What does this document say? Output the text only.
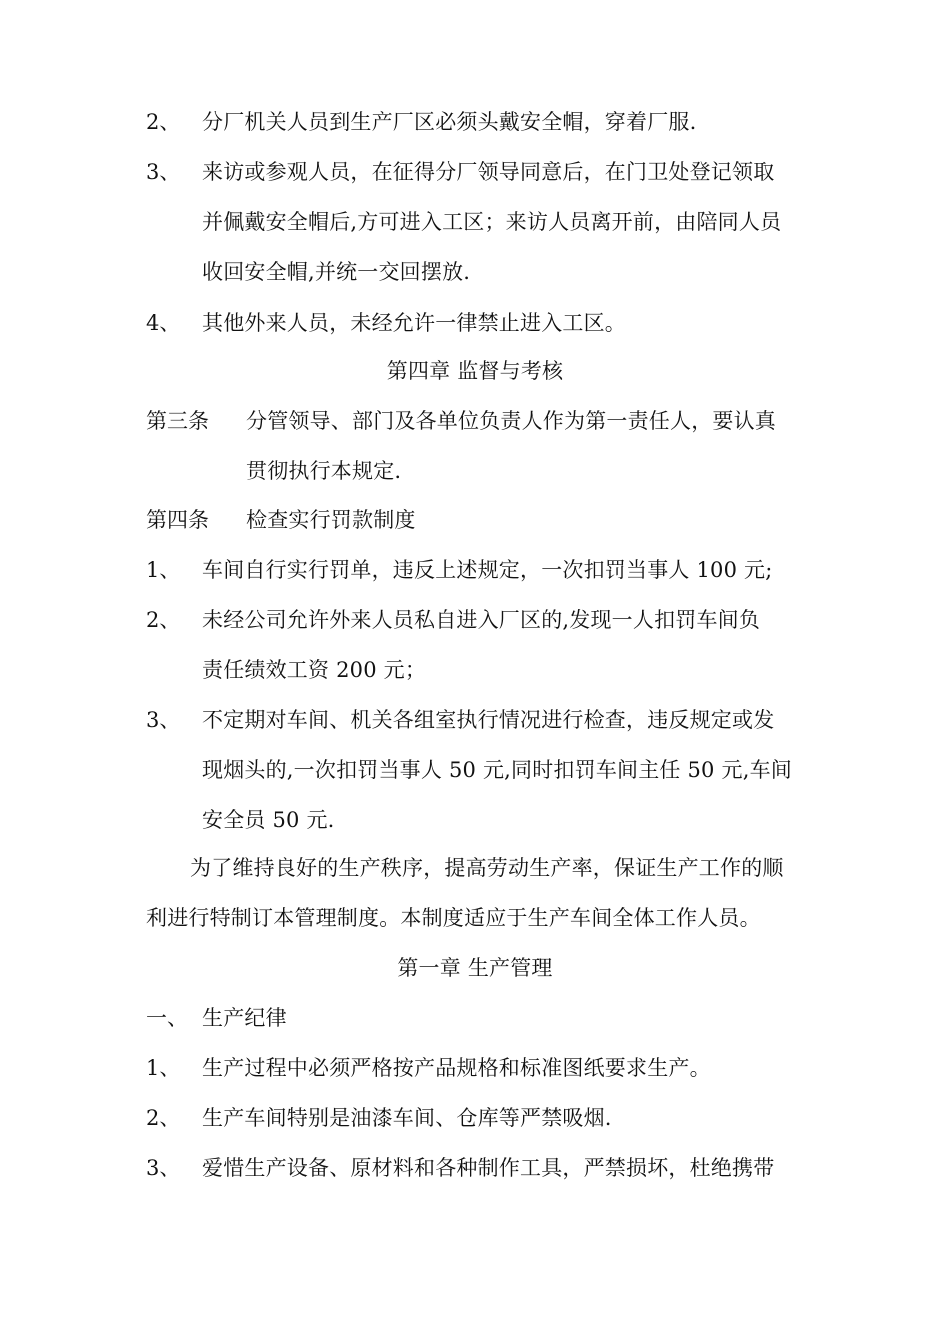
2、 分厂机关人员到生产厂区必须头戴安全帽，穿着厂服.
3、 来访或参观人员，在征得分厂领导同意后，在门卫处登记领取
并佩戴安全帽后,方可进入工区；来访人员离开前，由陪同人员
收回安全帽,并统一交回摆放.
4、 其他外来人员，未经允许一律禁止进入工区。
第四章 监督与考核
第三条 分管领导、部门及各单位负责人作为第一责任人，要认真
贯彻执行本规定.
第四条 检查实行罚款制度
1、 车间自行实行罚单，违反上述规定，一次扣罚当事人 100 元;
2、 未经公司允许外来人员私自进入厂区的,发现一人扣罚车间负
责任绩效工资 200 元；
3、 不定期对车间、机关各组室执行情况进行检查，违反规定或发
现烟头的,一次扣罚当事人 50 元,同时扣罚车间主任 50 元,车间
安全员 50 元.
为了维持良好的生产秩序，提高劳动生产率，保证生产工作的顺
利进行特制订本管理制度。本制度适应于生产车间全体工作人员。
第一章 生产管理
一、 生产纪律
1、 生产过程中必须严格按产品规格和标准图纸要求生产。
2、 生产车间特别是油漆车间、仓库等严禁吸烟.
3、 爱惜生产设备、原材料和各种制作工具，严禁损坏，杜绝携带
